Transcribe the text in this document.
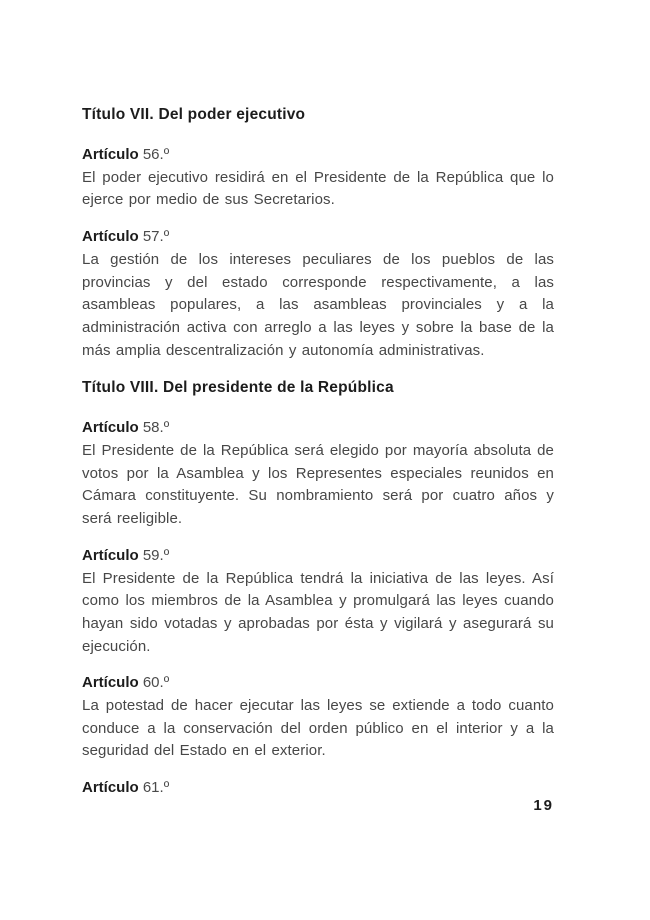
Título VII. Del poder ejecutivo

Artículo 56.º

El poder ejecutivo residirá en el Presidente de la República que lo ejerce por medio de sus Secretarios.

Artículo 57.º

La gestión de los intereses peculiares de los pueblos de las provincias y del estado corresponde respectivamente, a las asambleas populares, a las asambleas provinciales y a la administración activa con arreglo a las leyes y sobre la base de la más amplia descentralización y autonomía administrativas.

Título VIII. Del presidente de la República

Artículo 58.º

El Presidente de la República será elegido por mayoría absoluta de votos por la Asamblea y los Representes especiales reunidos en Cámara constituyente. Su nombramiento será por cuatro años y será reeligible.

Artículo 59.º

El Presidente de la República tendrá la iniciativa de las leyes. Así como los miembros de la Asamblea y promulgará las leyes cuando hayan sido votadas y aprobadas por ésta y vigilará y asegurará su ejecución.

Artículo 60.º

La potestad de hacer ejecutar las leyes se extiende a todo cuanto conduce a la conservación del orden público en el interior y a la seguridad del Estado en el exterior.

Artículo 61.º

19
